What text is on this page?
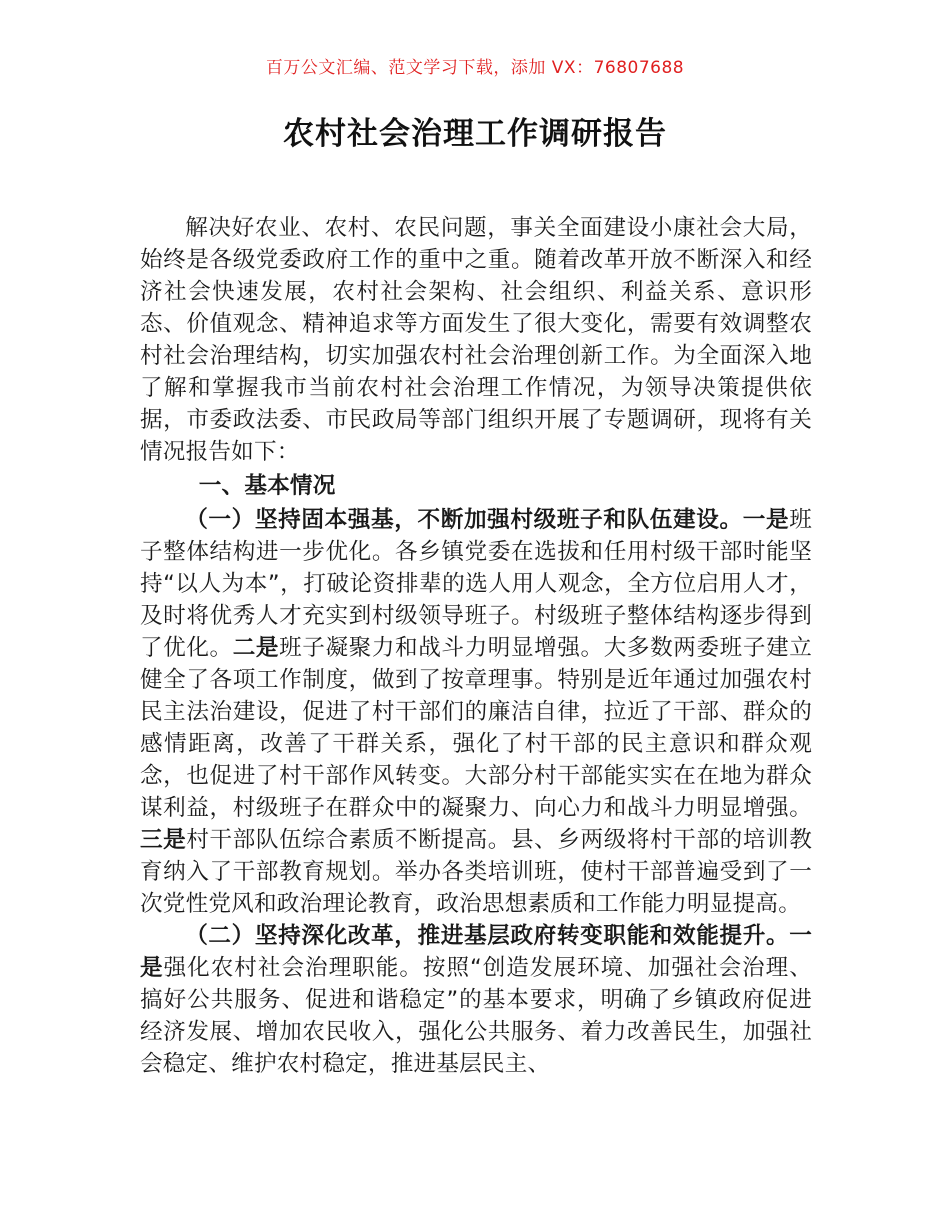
百万公文汇编、范文学习下载，添加 VX：76807688
农村社会治理工作调研报告

解决好农业、农村、农民问题，事关全面建设小康社会大局，始终是各级党委政府工作的重中之重。随着改革开放不断深入和经济社会快速发展，农村社会架构、社会组织、利益关系、意识形态、价值观念、精神追求等方面发生了很大变化，需要有效调整农村社会治理结构，切实加强农村社会治理创新工作。为全面深入地了解和掌握我市当前农村社会治理工作情况，为领导决策提供依据，市委政法委、市民政局等部门组织开展了专题调研，现将有关情况报告如下：

一、基本情况

（一）坚持固本强基，不断加强村级班子和队伍建设。一是班子整体结构进一步优化。各乡镇党委在选拔和任用村级干部时能坚持“以人为本”，打破论资排辈的选人用人观念，全方位启用人才，及时将优秀人才充实到村级领导班子。村级班子整体结构逐步得到了优化。二是班子凝聚力和战斗力明显增强。大多数两委班子建立健全了各项工作制度，做到了按章理事。特别是近年通过加强农村民主法治建设，促进了村干部们的廉洁自律，拉近了干部、群众的感情距离，改善了干群关系，强化了村干部的民主意识和群众观念，也促进了村干部作风转变。大部分村干部能实实在在地为群众谋利益，村级班子在群众中的凝聚力、向心力和战斗力明显增强。三是村干部队伍综合素质不断提高。县、乡两级将村干部的培训教育纳入了干部教育规划。举办各类培训班，使村干部普遍受到了一次党性党风和政治理论教育，政治思想素质和工作能力明显提高。

（二）坚持深化改革，推进基层政府转变职能和效能提升。一是强化农村社会治理职能。按照“创造发展环境、加强社会治理、搞好公共服务、促进和谐稳定”的基本要求，明确了乡镇政府促进经济发展、增加农民收入，强化公共服务、着力改善民生，加强社会稳定、维护农村稳定，推进基层民主、
